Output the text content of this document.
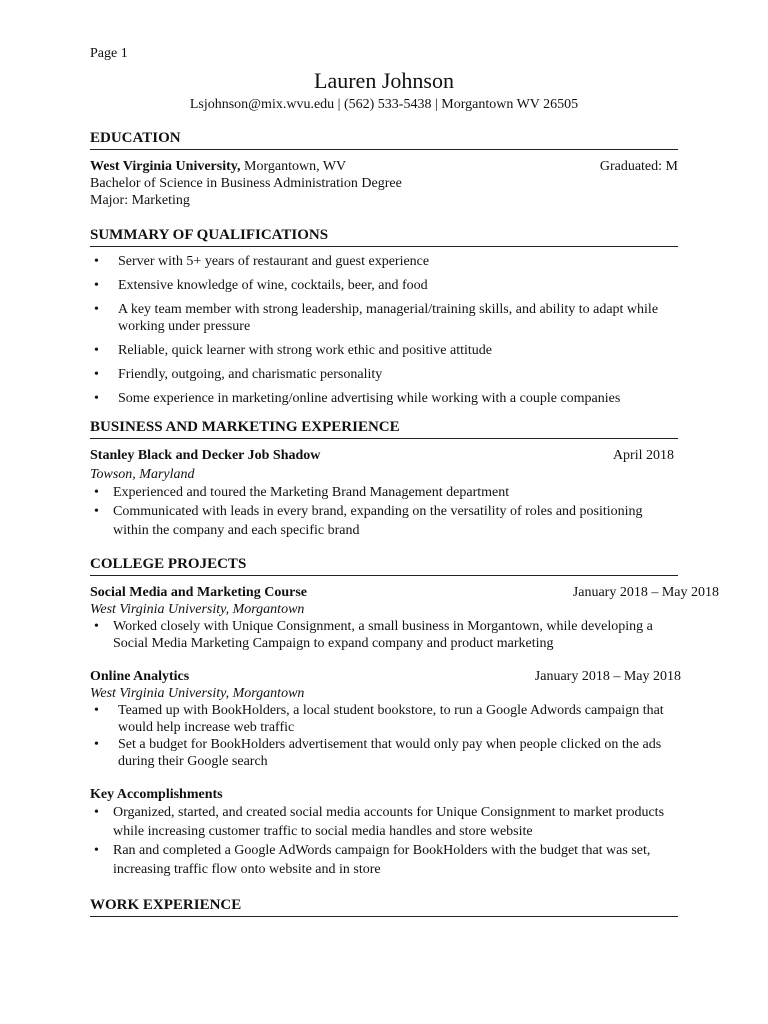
Page 1
Lauren Johnson
Lsjohnson@mix.wvu.edu | (562) 533-5438 | Morgantown WV 26505
EDUCATION
West Virginia University, Morgantown, WV	Graduated: M
Bachelor of Science in Business Administration Degree
Major: Marketing
SUMMARY OF QUALIFICATIONS
• Server with 5+ years of restaurant and guest experience
• Extensive knowledge of wine, cocktails, beer, and food
• A key team member with strong leadership, managerial/training skills, and ability to adapt while working under pressure
• Reliable, quick learner with strong work ethic and positive attitude
• Friendly, outgoing, and charismatic personality
• Some experience in marketing/online advertising while working with a couple companies
BUSINESS AND MARKETING EXPERIENCE
Stanley Black and Decker Job Shadow	April 2018
Towson, Maryland
• Experienced and toured the Marketing Brand Management department
• Communicated with leads in every brand, expanding on the versatility of roles and positioning within the company and each specific brand
COLLEGE PROJECTS
Social Media and Marketing Course	January 2018 – May 2018
West Virginia University, Morgantown
• Worked closely with Unique Consignment, a small business in Morgantown, while developing a Social Media Marketing Campaign to expand company and product marketing
Online Analytics	January 2018 – May 2018
West Virginia University, Morgantown
• Teamed up with BookHolders, a local student bookstore, to run a Google Adwords campaign that would help increase web traffic
• Set a budget for BookHolders advertisement that would only pay when people clicked on the ads during their Google search
Key Accomplishments
• Organized, started, and created social media accounts for Unique Consignment to market products while increasing customer traffic to social media handles and store website
• Ran and completed a Google AdWords campaign for BookHolders with the budget that was set, increasing traffic flow onto website and in store
WORK EXPERIENCE
